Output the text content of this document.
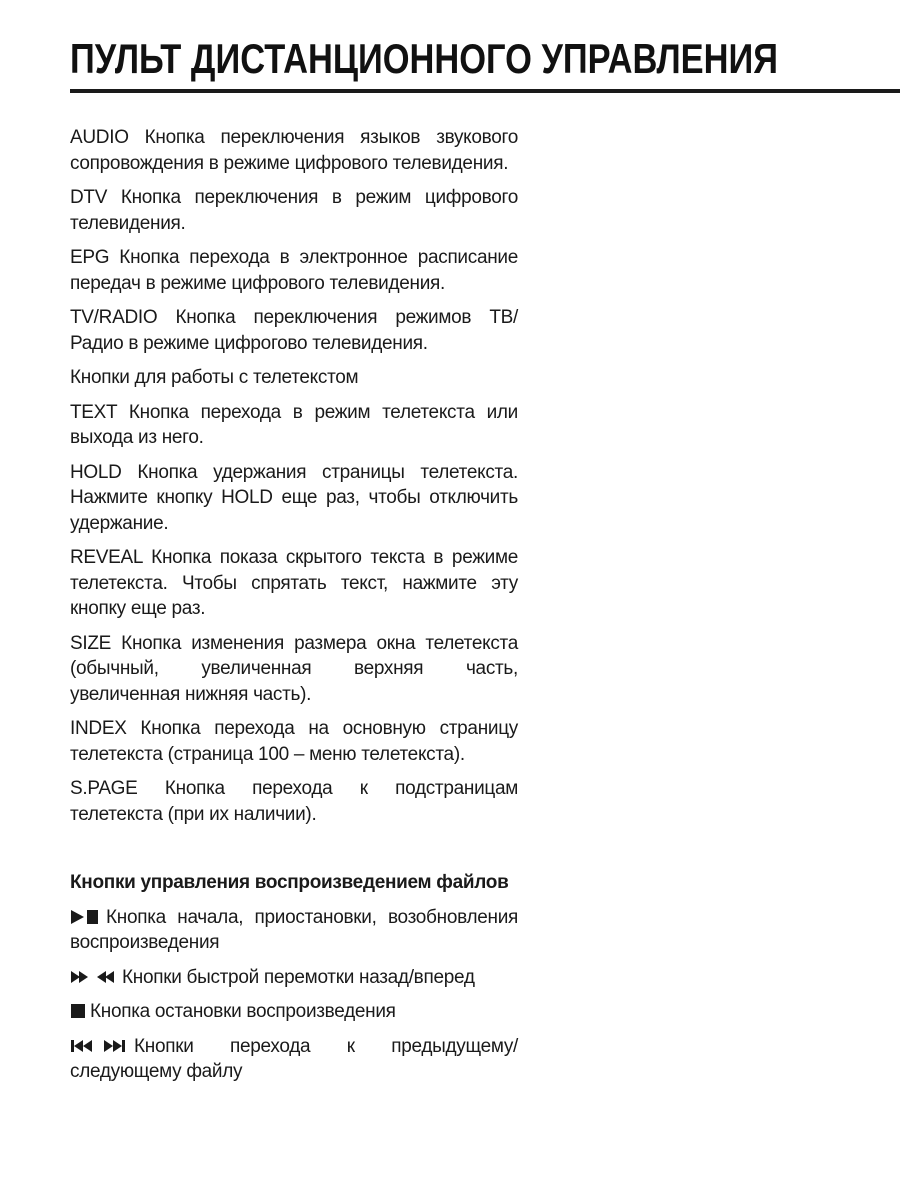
ПУЛЬТ ДИСТАНЦИОННОГО УПРАВЛЕНИЯ

AUDIO Кнопка переключения языков звукового сопровождения в режиме цифрового телевидения.

DTV Кнопка переключения в режим цифрового телевидения.

EPG Кнопка перехода в электронное расписание передач в режиме цифрового телевидения.

TV/RADIO Кнопка переключения режимов ТВ/Радио в режиме цифрогово телевидения.

Кнопки для работы с телетекстом

TEXT Кнопка перехода в режим телетекста или выхода из него.

HOLD Кнопка удержания страницы телетекста. Нажмите кнопку HOLD еще раз, чтобы отключить удержание.

REVEAL Кнопка показа скрытого текста в режиме телетекста. Чтобы спрятать текст, нажмите эту кнопку еще раз.

SIZE Кнопка изменения размера окна телетекста (обычный, увеличенная верхняя часть, увеличенная нижняя часть).

INDEX Кнопка перехода на основную страницу телетекста (страница 100 – меню телетекста).

S.PAGE Кнопка перехода к подстраницам телетекста (при их наличии).

Кнопки управления воспроизведением файлов

Кнопка начала, приостановки, возобновления воспроизведения

Кнопки быстрой перемотки назад/вперед

Кнопка остановки воспроизведения

Кнопки перехода к предыдущему/следующему файлу
